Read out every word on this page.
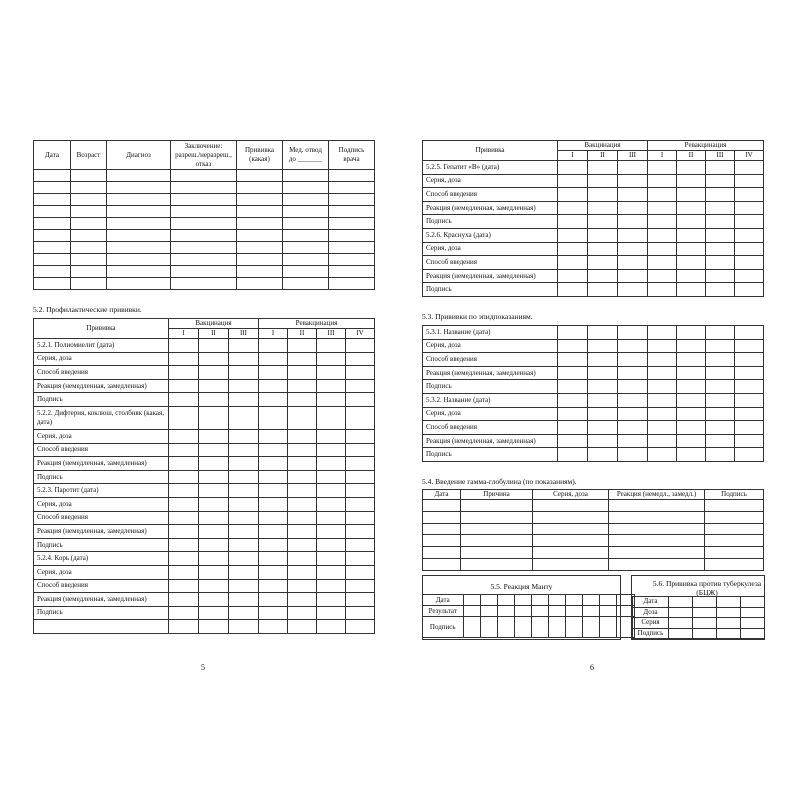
Дата	Возраст	Диагноз	Заключение: разреш./неразреш., отказ	Прививка (какая)	Мед. отвод до _______	Подпись врача

5.2. Профилактические прививки.
Прививка	Вакцинация			Ревакцинация			
	I	II	III	I	II	III	IV
5.2.1. Полиомиелит (дата)							
Серия, доза							
Способ введения							
Реакция (немедленная, замедленная)							
Подпись							
5.2.2. Дифтерия, коклюш, столбняк (какая, дата)							
Серия, доза							
Способ введения							
Реакция (немедленная, замедленная)							
Подпись							
5.2.3. Паротит (дата)							
Серия, доза							
Способ введения							
Реакция (немедленная, замедленная)							
Подпись							
5.2.4. Корь (дата)							
Серия, доза							
Способ введения							
Реакция (немедленная, замедленная)							
Подпись							

5
Прививка	Вакцинация			Ревакцинация			
	I	II	III	I	II	III	IV
5.2.5. Гепатит «В» (дата)							
Серия, доза							
Способ введения							
Реакция (немедленная, замедленная)							
Подпись							
5.2.6. Краснуха (дата)							
Серия, доза							
Способ введения							
Реакция (немедленная, замедленная)							
Подпись							
5.3. Прививки по эпидпоказаниям.
5.3.1. Название (дата)							
Серия, доза							
Способ введения							
Реакция (немедленная, замедленная)							
Подпись							
5.3.2. Название (дата)							
Серия, доза							
Способ введения							
Реакция (немедленная, замедленная)							
Подпись							
5.4. Введение гамма-глобулина (по показаниям).
Дата	Причина	Серия, доза	Реакция (немедл., замедл.)	Подпись

5.5. Реакция Манту
Дата										
Результат										
Подпись										
5.6. Прививка против туберкулеза (БЦЖ)
Дата				
Доза				
Серия				
Подпись				
6
